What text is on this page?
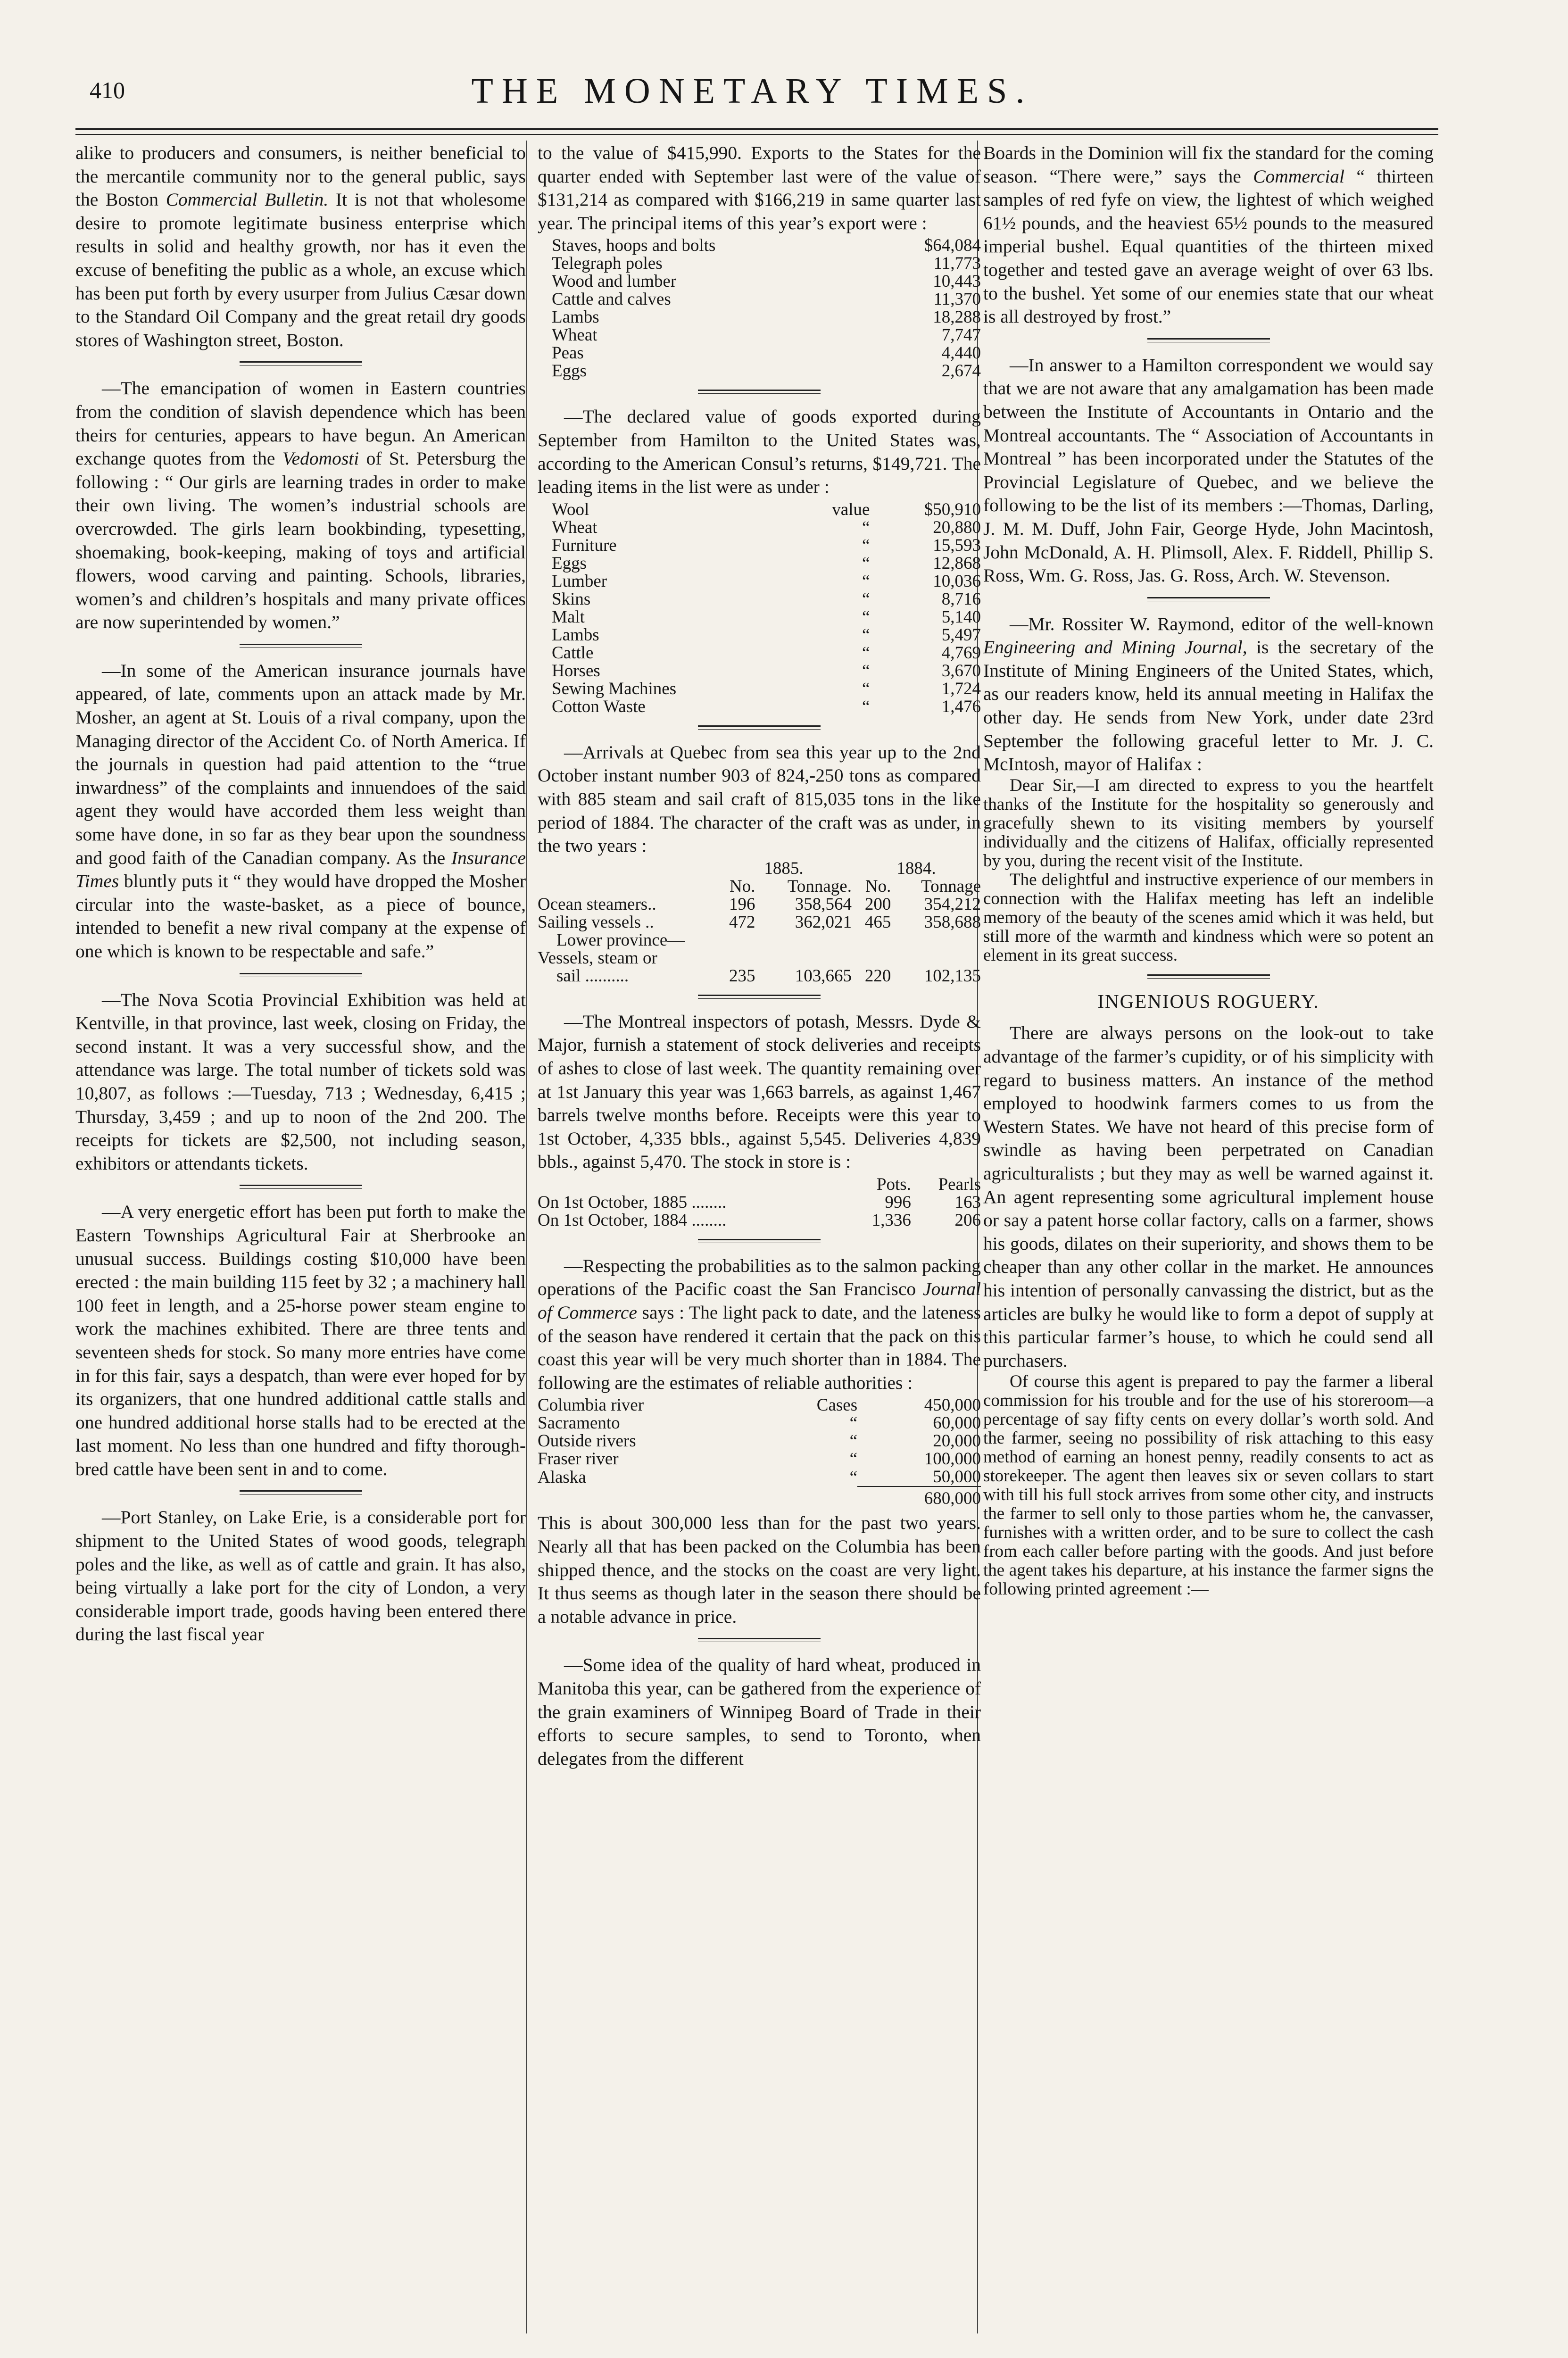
410	THE MONETARY TIMES.

alike to producers and consumers, is neither beneficial to the mercantile community nor to the general public, says the Boston Commercial Bulletin. It is not that wholesome desire to promote legitimate business enterprise which results in solid and healthy growth, nor has it even the excuse of benefiting the public as a whole, an excuse which has been put forth by every usurper from Julius Cæsar down to the Standard Oil Company and the great retail dry goods stores of Washington street, Boston.

—The emancipation of women in Eastern countries from the condition of slavish dependence which has been theirs for centuries, appears to have begun. An American exchange quotes from the Vedomosti of St. Petersburg the following : “ Our girls are learning trades in order to make their own living. The women’s industrial schools are overcrowded. The girls learn bookbinding, typesetting, shoemaking, book-keeping, making of toys and artificial flowers, wood carving and painting. Schools, libraries, women’s and children’s hospitals and many private offices are now superintended by women.”

—In some of the American insurance journals have appeared, of late, comments upon an attack made by Mr. Mosher, an agent at St. Louis of a rival company, upon the Managing director of the Accident Co. of North America. If the journals in question had paid attention to the “true inwardness” of the complaints and innuendoes of the said agent they would have accorded them less weight than some have done, in so far as they bear upon the soundness and good faith of the Canadian company. As the Insurance Times bluntly puts it “ they would have dropped the Mosher circular into the waste-basket, as a piece of bounce, intended to benefit a new rival company at the expense of one which is known to be respectable and safe.”

—The Nova Scotia Provincial Exhibition was held at Kentville, in that province, last week, closing on Friday, the second instant. It was a very successful show, and the attendance was large. The total number of tickets sold was 10,807, as follows :—Tuesday, 713 ; Wednesday, 6,415 ; Thursday, 3,459 ; and up to noon of the 2nd 200. The receipts for tickets are $2,500, not including season, exhibitors or attendants tickets.

—A very energetic effort has been put forth to make the Eastern Townships Agricultural Fair at Sherbrooke an unusual success. Buildings costing $10,000 have been erected : the main building 115 feet by 32 ; a machinery hall 100 feet in length, and a 25-horse power steam engine to work the machines exhibited. There are three tents and seventeen sheds for stock. So many more entries have come in for this fair, says a despatch, than were ever hoped for by its organizers, that one hundred additional cattle stalls and one hundred additional horse stalls had to be erected at the last moment. No less than one hundred and fifty thorough-bred cattle have been sent in and to come.

—Port Stanley, on Lake Erie, is a considerable port for shipment to the United States of wood goods, telegraph poles and the like, as well as of cattle and grain. It has also, being virtually a lake port for the city of London, a very considerable import trade, goods having been entered there during the last fiscal year

to the value of $415,990. Exports to the States for the quarter ended with September last were of the value of $131,214 as compared with $166,219 in same quarter last year. The principal items of this year’s export were :

Staves, hoops and bolts	$64,084
Telegraph poles	11,773
Wood and lumber	10,443
Cattle and calves	11,370
Lambs	18,288
Wheat	7,747
Peas	4,440
Eggs	2,674

—The declared value of goods exported during September from Hamilton to the United States was, according to the American Consul’s returns, $149,721. The leading items in the list were as under :

Wool	value	$50,910
Wheat	“	20,880
Furniture	“	15,593
Eggs	“	12,868
Lumber	“	10,036
Skins	“	8,716
Malt	“	5,140
Lambs	“	5,497
Cattle	“	4,769
Horses	“	3,670
Sewing Machines	“	1,724
Cotton Waste	“	1,476

—Arrivals at Quebec from sea this year up to the 2nd October instant number 903 of 824,-250 tons as compared with 885 steam and sail craft of 815,035 tons in the like period of 1884. The character of the craft was as under, in the two years :

	1885.		1884.	
	No.	Tonnage.	No.	Tonnage
Ocean steamers..	196	358,564	200	354,212
Sailing vessels ..	472	362,021	465	358,688
Lower province—				
Vessels, steam or				
sail ..........	235	103,665	220	102,135

—The Montreal inspectors of potash, Messrs. Dyde & Major, furnish a statement of stock deliveries and receipts of ashes to close of last week. The quantity remaining over at 1st January this year was 1,663 barrels, as against 1,467 barrels twelve months before. Receipts were this year to 1st October, 4,335 bbls., against 5,545. Deliveries 4,839 bbls., against 5,470. The stock in store is :

	Pots.	Pearls
On 1st October, 1885 ........	996	163
On 1st October, 1884 ........	1,336	206

—Respecting the probabilities as to the salmon packing operations of the Pacific coast the San Francisco Journal of Commerce says : The light pack to date, and the lateness of the season have rendered it certain that the pack on this coast this year will be very much shorter than in 1884. The following are the estimates of reliable authorities :

Columbia river	Cases	450,000
Sacramento	“	60,000
Outside rivers	“	20,000
Fraser river	“	100,000
Alaska	“	50,000
		680,000

This is about 300,000 less than for the past two years. Nearly all that has been packed on the Columbia has been shipped thence, and the stocks on the coast are very light. It thus seems as though later in the season there should be a notable advance in price.

—Some idea of the quality of hard wheat, produced in Manitoba this year, can be gathered from the experience of the grain examiners of Winnipeg Board of Trade in their efforts to secure samples, to send to Toronto, when delegates from the different

Boards in the Dominion will fix the standard for the coming season. “There were,” says the Commercial “ thirteen samples of red fyfe on view, the lightest of which weighed 61½ pounds, and the heaviest 65½ pounds to the measured imperial bushel. Equal quantities of the thirteen mixed together and tested gave an average weight of over 63 lbs. to the bushel. Yet some of our enemies state that our wheat is all destroyed by frost.”

—In answer to a Hamilton correspondent we would say that we are not aware that any amalgamation has been made between the Institute of Accountants in Ontario and the Montreal accountants. The “ Association of Accountants in Montreal ” has been incorporated under the Statutes of the Provincial Legislature of Quebec, and we believe the following to be the list of its members :—Thomas, Darling, J. M. M. Duff, John Fair, George Hyde, John Macintosh, John McDonald, A. H. Plimsoll, Alex. F. Riddell, Phillip S. Ross, Wm. G. Ross, Jas. G. Ross, Arch. W. Stevenson.

—Mr. Rossiter W. Raymond, editor of the well-known Engineering and Mining Journal, is the secretary of the Institute of Mining Engineers of the United States, which, as our readers know, held its annual meeting in Halifax the other day. He sends from New York, under date 23rd September the following graceful letter to Mr. J. C. McIntosh, mayor of Halifax :

Dear Sir,—I am directed to express to you the heartfelt thanks of the Institute for the hospitality so generously and gracefully shewn to its visiting members by yourself individually and the citizens of Halifax, officially represented by you, during the recent visit of the Institute.

The delightful and instructive experience of our members in connection with the Halifax meeting has left an indelible memory of the beauty of the scenes amid which it was held, but still more of the warmth and kindness which were so potent an element in its great success.

INGENIOUS ROGUERY.

There are always persons on the look-out to take advantage of the farmer’s cupidity, or of his simplicity with regard to business matters. An instance of the method employed to hoodwink farmers comes to us from the Western States. We have not heard of this precise form of swindle as having been perpetrated on Canadian agriculturalists ; but they may as well be warned against it. An agent representing some agricultural implement house or say a patent horse collar factory, calls on a farmer, shows his goods, dilates on their superiority, and shows them to be cheaper than any other collar in the market. He announces his intention of personally canvassing the district, but as the articles are bulky he would like to form a depot of supply at this particular farmer’s house, to which he could send all purchasers.

Of course this agent is prepared to pay the farmer a liberal commission for his trouble and for the use of his storeroom—a percentage of say fifty cents on every dollar’s worth sold. And the farmer, seeing no possibility of risk attaching to this easy method of earning an honest penny, readily consents to act as storekeeper. The agent then leaves six or seven collars to start with till his full stock arrives from some other city, and instructs the farmer to sell only to those parties whom he, the canvasser, furnishes with a written order, and to be sure to collect the cash from each caller before parting with the goods. And just before the agent takes his departure, at his instance the farmer signs the following printed agreement :—
